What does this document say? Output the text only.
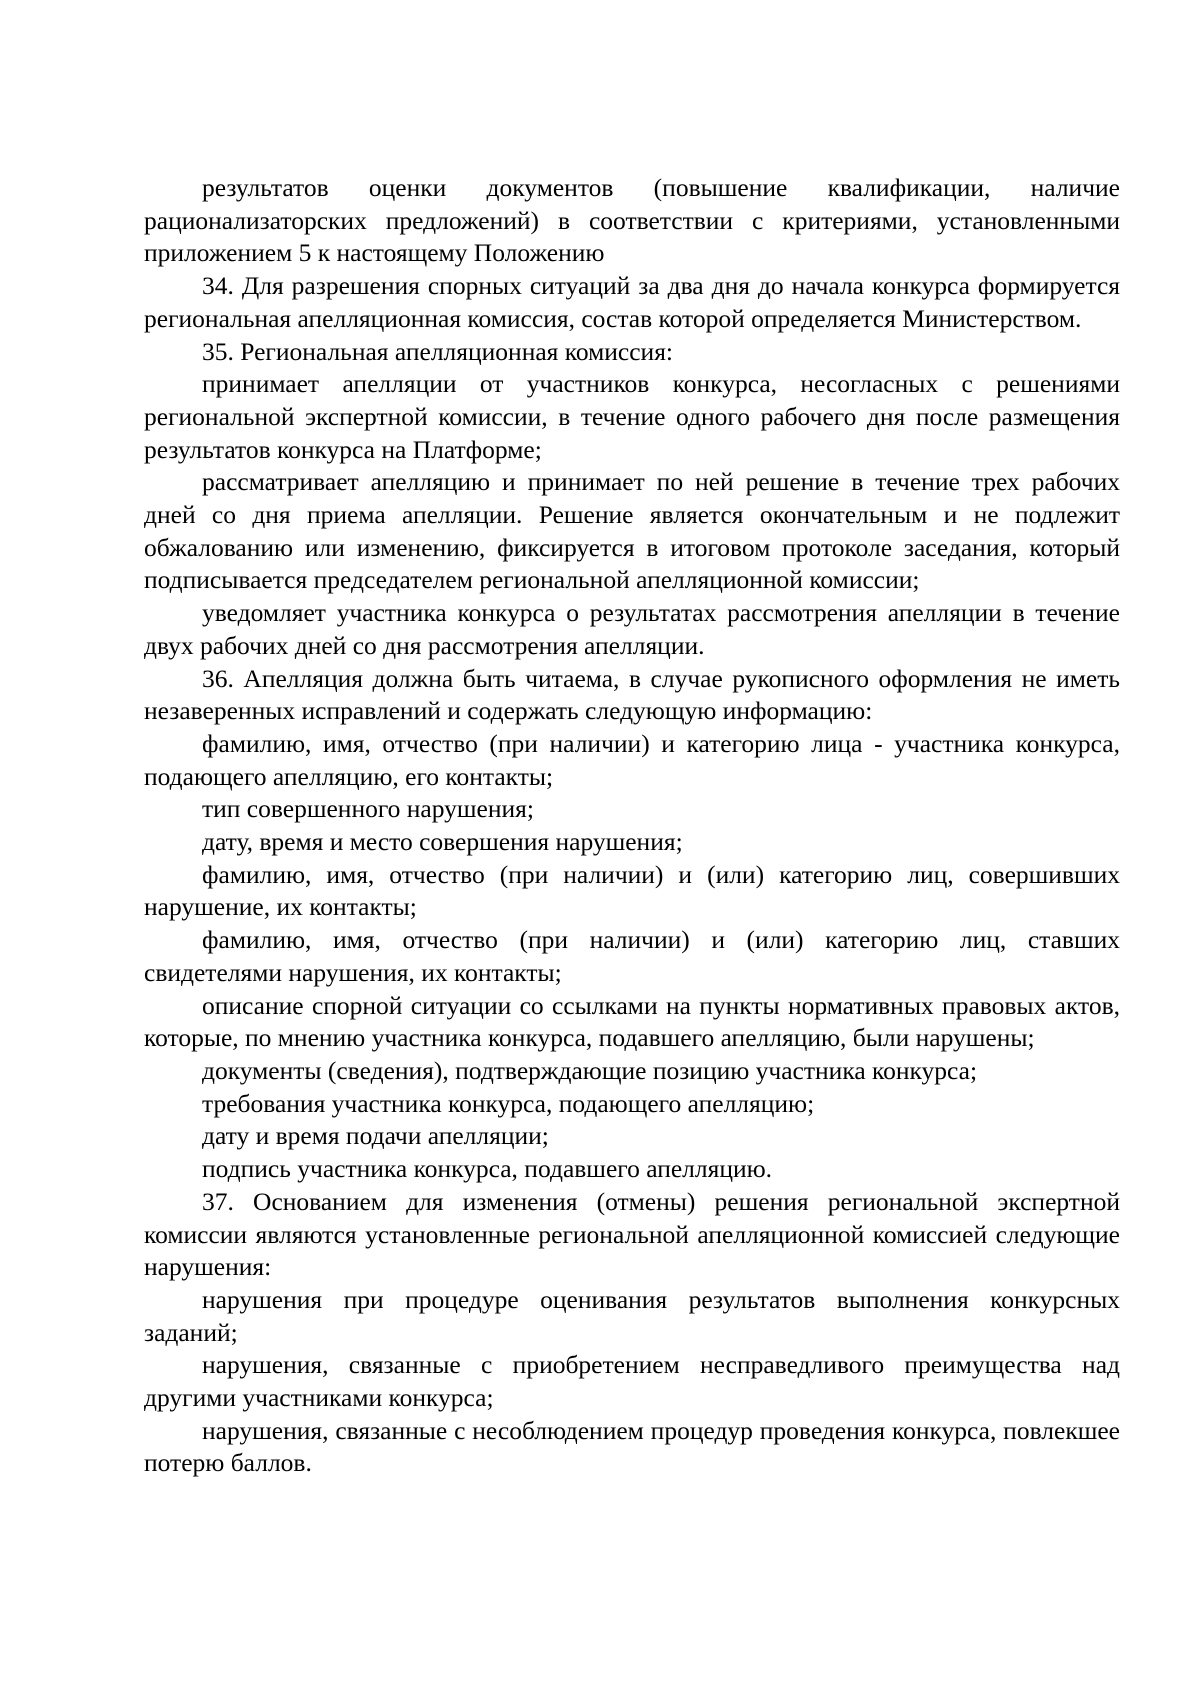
результатов оценки документов (повышение квалификации, наличие рационализаторских предложений) в соответствии с критериями, установленными приложением 5 к настоящему Положению

34. Для разрешения спорных ситуаций за два дня до начала конкурса формируется региональная апелляционная комиссия, состав которой определяется Министерством.

35. Региональная апелляционная комиссия:

принимает апелляции от участников конкурса, несогласных с решениями региональной экспертной комиссии, в течение одного рабочего дня после размещения результатов конкурса на Платформе;

рассматривает апелляцию и принимает по ней решение в течение трех рабочих дней со дня приема апелляции. Решение является окончательным и не подлежит обжалованию или изменению, фиксируется в итоговом протоколе заседания, который подписывается председателем региональной апелляционной комиссии;

уведомляет участника конкурса о результатах рассмотрения апелляции в течение двух рабочих дней со дня рассмотрения апелляции.

36. Апелляция должна быть читаема, в случае рукописного оформления не иметь незаверенных исправлений и содержать следующую информацию:

фамилию, имя, отчество (при наличии) и категорию лица - участника конкурса, подающего апелляцию, его контакты;

тип совершенного нарушения;

дату, время и место совершения нарушения;

фамилию, имя, отчество (при наличии) и (или) категорию лиц, совершивших нарушение, их контакты;

фамилию, имя, отчество (при наличии) и (или) категорию лиц, ставших свидетелями нарушения, их контакты;

описание спорной ситуации со ссылками на пункты нормативных правовых актов, которые, по мнению участника конкурса, подавшего апелляцию, были нарушены;

документы (сведения), подтверждающие позицию участника конкурса;

требования участника конкурса, подающего апелляцию;

дату и время подачи апелляции;

подпись участника конкурса, подавшего апелляцию.

37. Основанием для изменения (отмены) решения региональной экспертной комиссии являются установленные региональной апелляционной комиссией следующие нарушения:

нарушения при процедуре оценивания результатов выполнения конкурсных заданий;

нарушения, связанные с приобретением несправедливого преимущества над другими участниками конкурса;

нарушения, связанные с несоблюдением процедур проведения конкурса, повлекшее потерю баллов.
